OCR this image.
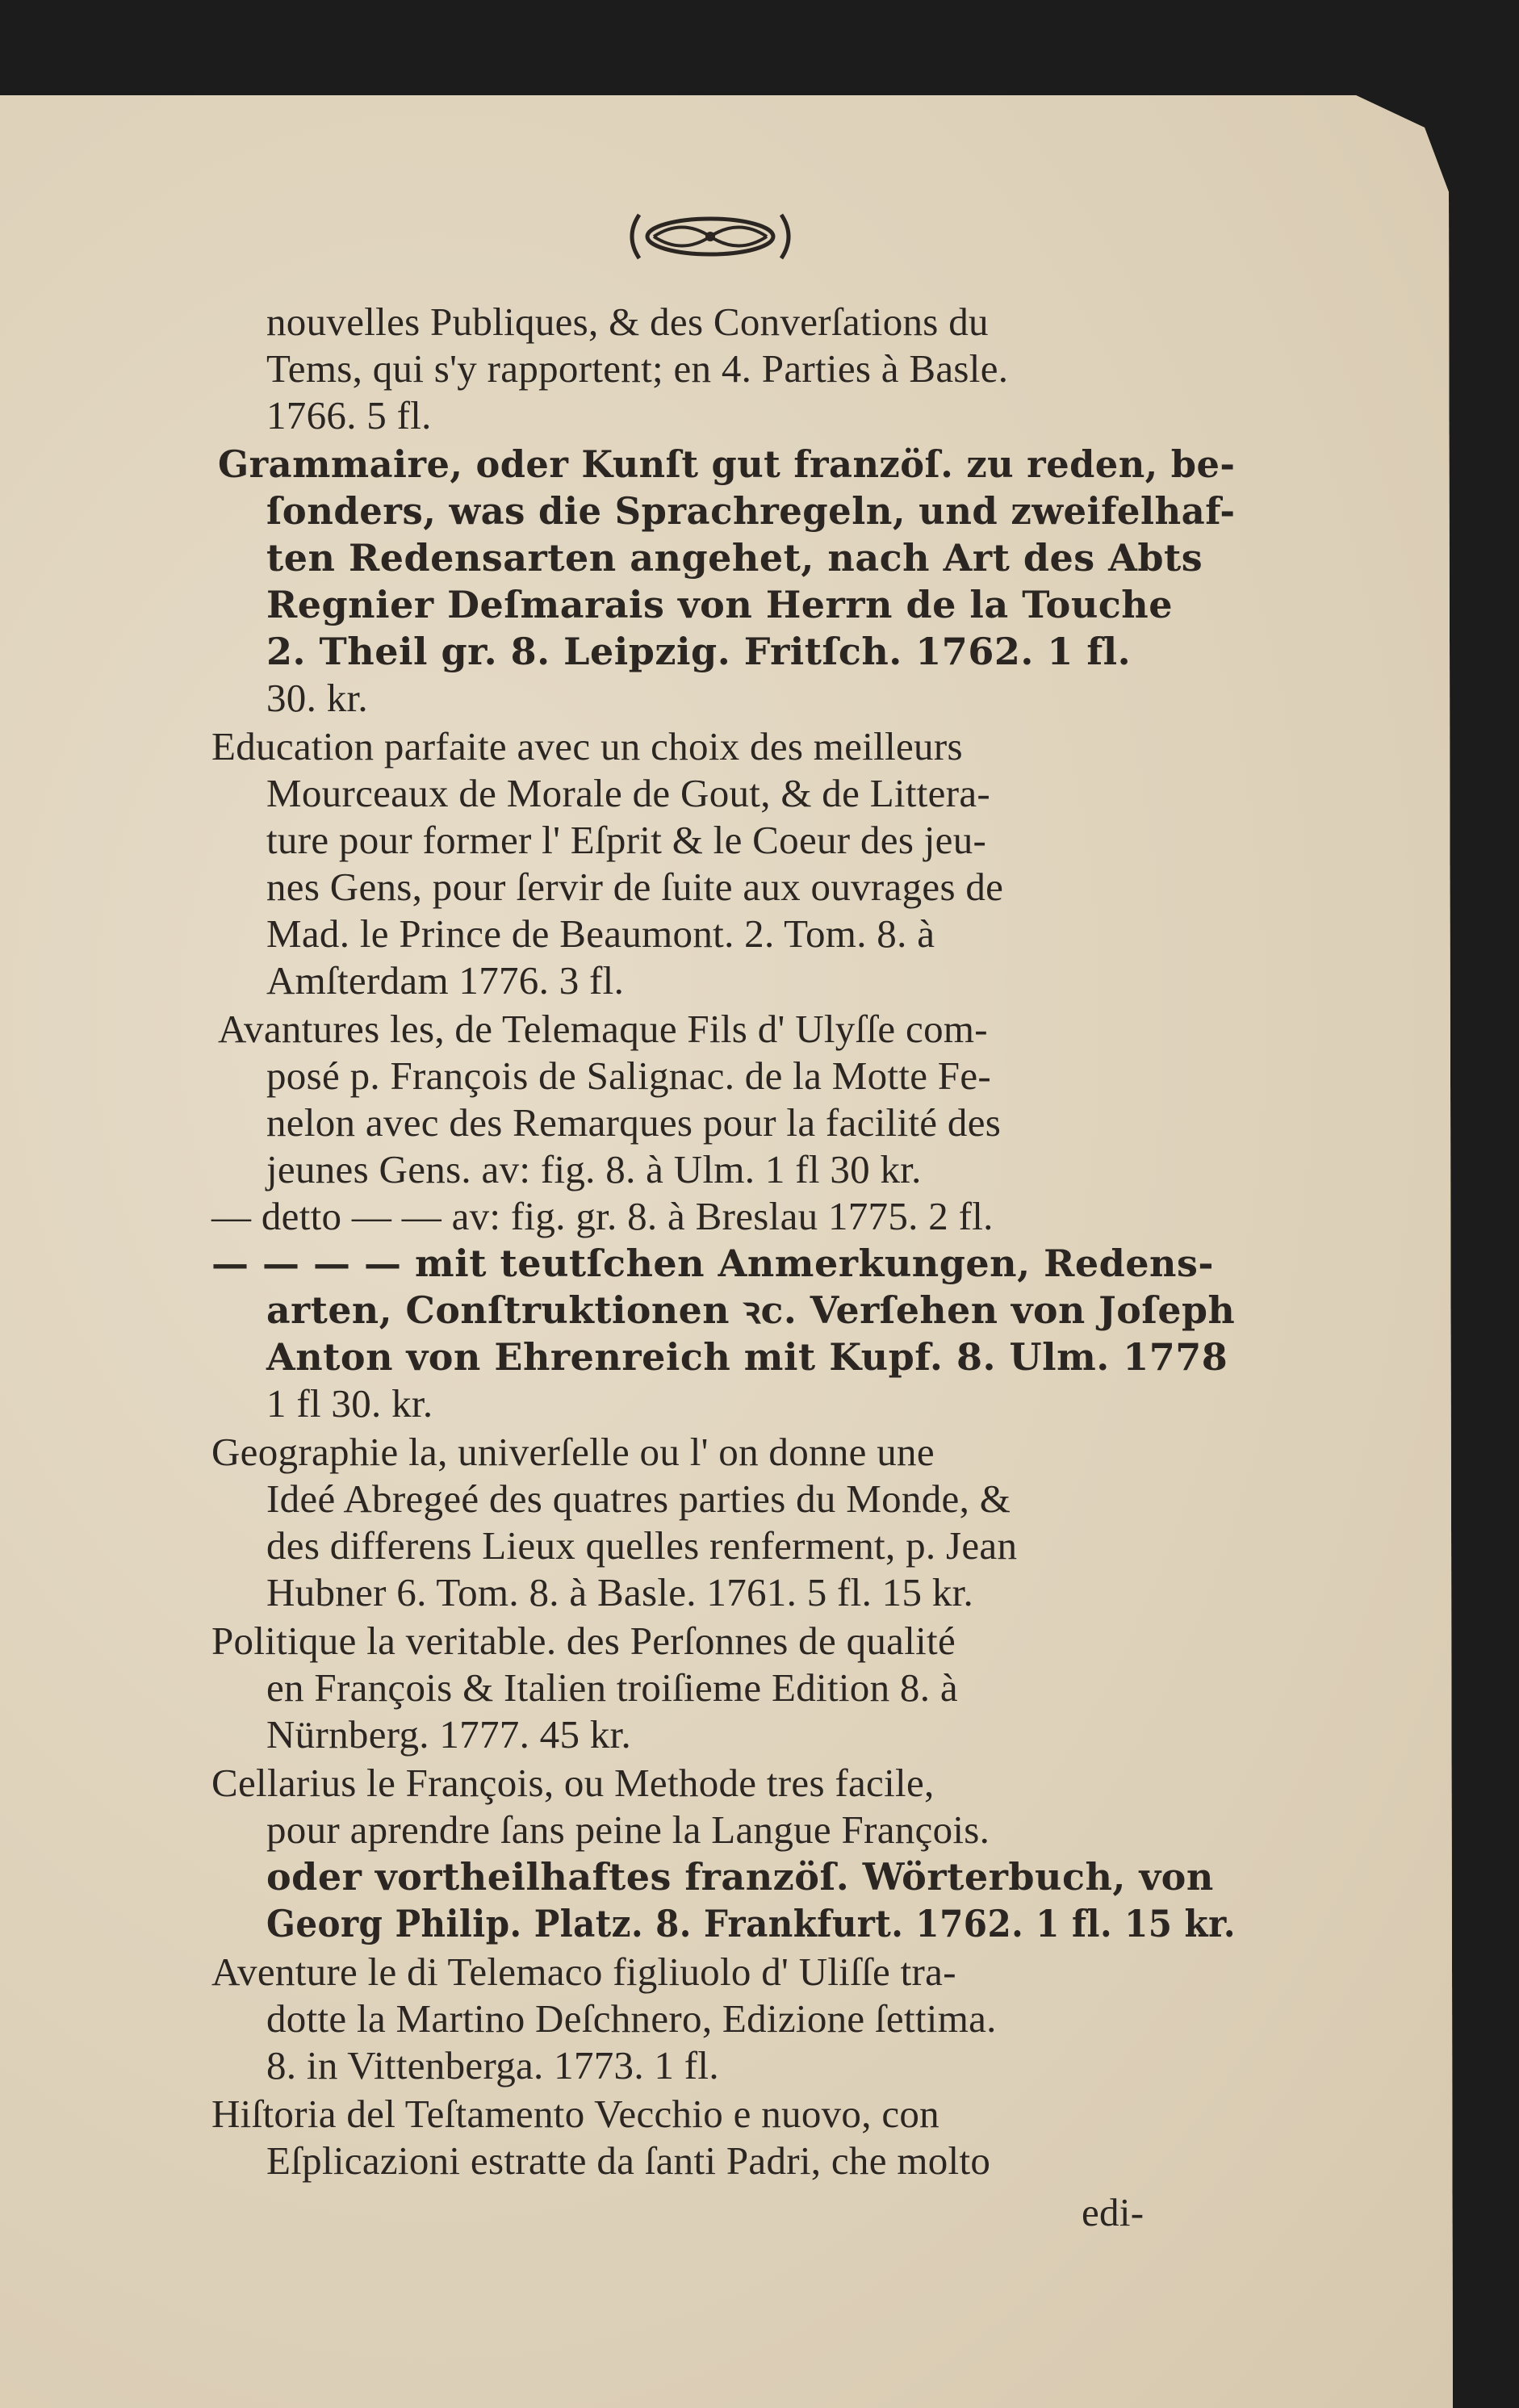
nouvelles Publiques, & des Converſations du
Tems, qui s'y rapportent; en 4. Parties à Basle.
1766. 5 fl.
Grammaire, oder Kunſt gut franzöſ. zu reden, be-
ſonders, was die Sprachregeln, und zweifelhaf-
ten Redensarten angehet, nach Art des Abts
Regnier Deſmarais von Herrn de la Touche
2. Theil gr. 8. Leipzig. Fritſch. 1762. 1 fl.
30. kr.
Education parfaite avec un choix des meilleurs
Mourceaux de Morale de Gout, & de Littera-
ture pour former l' Eſprit & le Coeur des jeu-
nes Gens, pour ſervir de ſuite aux ouvrages de
Mad. le Prince de Beaumont. 2. Tom. 8. à
Amſterdam 1776. 3 fl.
Avantures les, de Telemaque Fils d' Ulyſſe com-
posé p. François de Salignac. de la Motte Fe-
nelon avec des Remarques pour la facilité des
jeunes Gens. av: fig. 8. à Ulm. 1 fl 30 kr.
— detto — — av: fig. gr. 8. à Breslau 1775. 2 fl.
— — — — mit teutſchen Anmerkungen, Redens-
arten, Conſtruktionen ꝛc. Verſehen von Joſeph
Anton von Ehrenreich mit Kupf. 8. Ulm. 1778
1 fl 30. kr.
Geographie la, univerſelle ou l' on donne une
Ideé Abregeé des quatres parties du Monde, &
des differens Lieux quelles renferment, p. Jean
Hubner 6. Tom. 8. à Basle. 1761. 5 fl. 15 kr.
Politique la veritable. des Perſonnes de qualité
en François & Italien troiſieme Edition 8. à
Nürnberg. 1777. 45 kr.
Cellarius le François, ou Methode tres facile,
pour aprendre ſans peine la Langue François.
oder vortheilhaftes franzöſ. Wörterbuch, von
Georg Philip. Platz. 8. Frankfurt. 1762. 1 fl. 15 kr.
Aventure le di Telemaco figliuolo d' Uliſſe tra-
dotte la Martino Deſchnero, Edizione ſettima.
8. in Vittenberga. 1773. 1 fl.
Hiſtoria del Teſtamento Vecchio e nuovo, con
Eſplicazioni estratte da ſanti Padri, che molto
edi-
